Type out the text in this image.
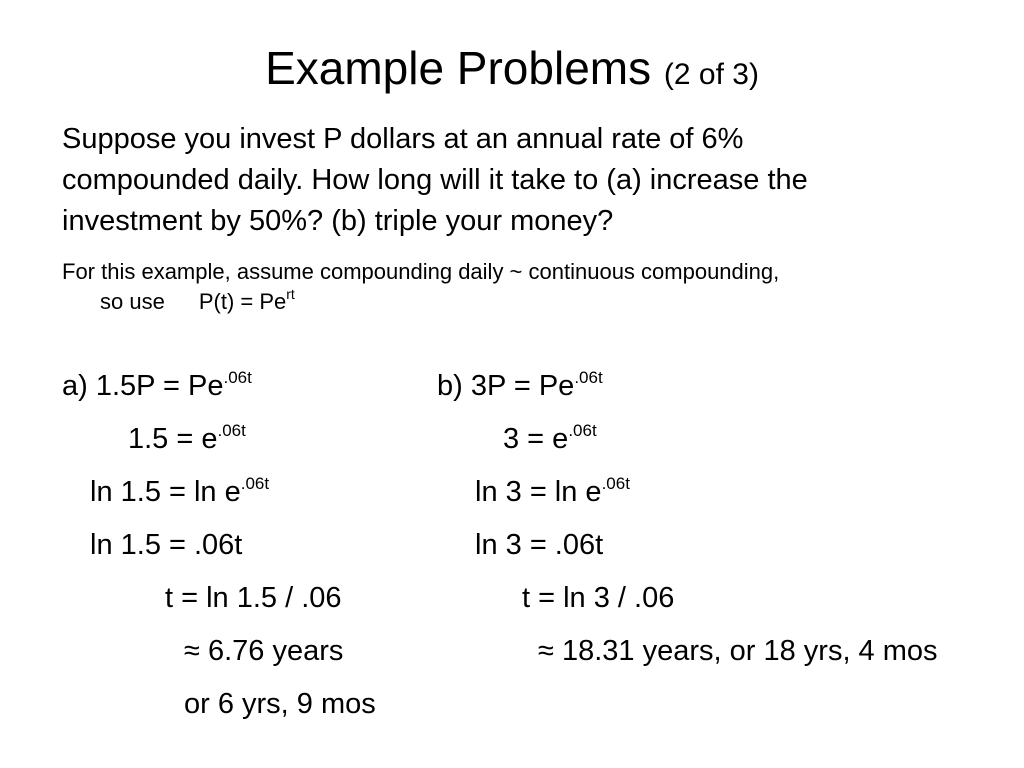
Example Problems (2 of 3)
Suppose you invest P dollars at an annual rate of 6%
compounded daily. How long will it take to (a) increase the
investment by 50%? (b) triple your money?
For this example, assume compounding daily ~ continuous compounding,
so use $P(t) = Pe^{rt}$
a) $1.5P = Pe^{.06t}$
$1.5 = e^{.06t}$
$\ln 1.5 = \ln e^{.06t}$
ln 1.5 = .06t
t = ln 1.5 / .06
≈ 6.76 years
or 6 yrs, 9 mos
b) $3P = Pe^{.06t}$
$3 = e^{.06t}$
$\ln 3 = \ln e^{.06t}$
ln 3 = .06t
t = ln 3 / .06
≈ 18.31 years, or 18 yrs, 4 mos
